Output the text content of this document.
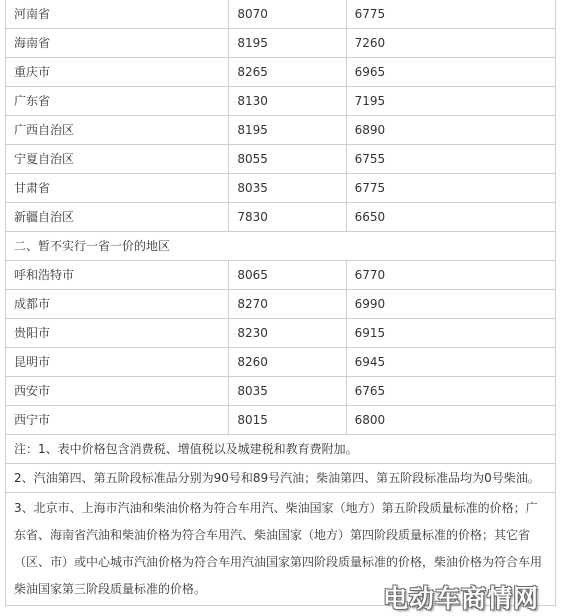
河南省	8070	6775
海南省	8195	7260
重庆市	8265	6965
广东省	8130	7195
广西自治区	8195	6890
宁夏自治区	8055	6755
甘肃省	8035	6775
新疆自治区	7830	6650
二、暂不实行一省一价的地区		
呼和浩特市	8065	6770
成都市	8270	6990
贵阳市	8230	6915
昆明市	8260	6945
西安市	8035	6765
西宁市	8015	6800
注：1、表中价格包含消费税、增值税以及城建税和教育费附加。		
2、汽油第四、第五阶段标准品分别为90号和89号汽油；柴油第四、第五阶段标准品均为0号柴油。		
3、北京市、上海市汽油和柴油价格为符合车用汽、柴油国家（地方）第五阶段质量标准的价格；广东省、海南省汽油和柴油价格为符合车用汽、柴油国家（地方）第四阶段质量标准的价格；其它省（区、市）或中心城市汽油价格为符合车用汽油国家第四阶段质量标准的价格，柴油价格为符合车用柴油国家第三阶段质量标准的价格。			电动车商情网
